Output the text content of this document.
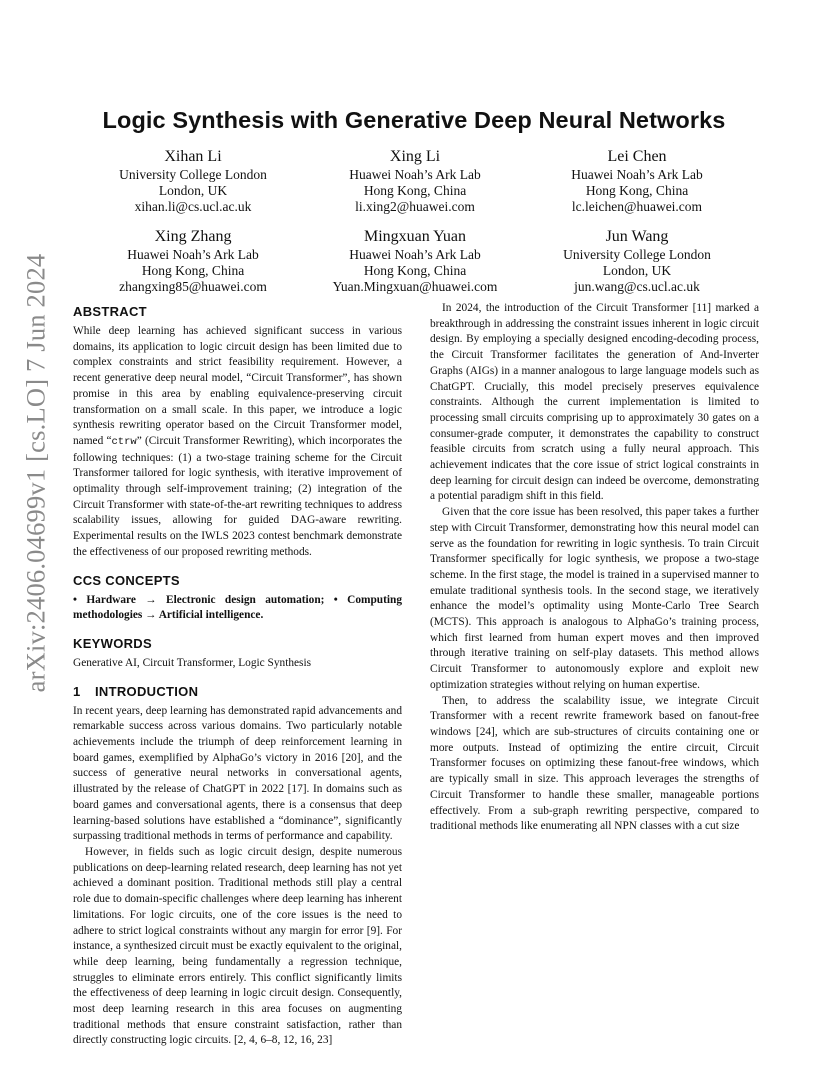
arXiv:2406.04699v1 [cs.LO] 7 Jun 2024
Logic Synthesis with Generative Deep Neural Networks
Xihan Li
University College London
London, UK
xihan.li@cs.ucl.ac.uk
Xing Li
Huawei Noah’s Ark Lab
Hong Kong, China
li.xing2@huawei.com
Lei Chen
Huawei Noah’s Ark Lab
Hong Kong, China
lc.leichen@huawei.com
Xing Zhang
Huawei Noah’s Ark Lab
Hong Kong, China
zhangxing85@huawei.com
Mingxuan Yuan
Huawei Noah’s Ark Lab
Hong Kong, China
Yuan.Mingxuan@huawei.com
Jun Wang
University College London
London, UK
jun.wang@cs.ucl.ac.uk
ABSTRACT

While deep learning has achieved significant success in various domains, its application to logic circuit design has been limited due to complex constraints and strict feasibility requirement. However, a recent generative deep neural model, “Circuit Transformer”, has shown promise in this area by enabling equivalence-preserving circuit transformation on a small scale. In this paper, we introduce a logic synthesis rewriting operator based on the Circuit Transformer model, named “ctrw” (Circuit Transformer Rewriting), which incorporates the following techniques: (1) a two-stage training scheme for the Circuit Transformer tailored for logic synthesis, with iterative improvement of optimality through self-improvement training; (2) integration of the Circuit Transformer with state-of-the-art rewriting techniques to address scalability issues, allowing for guided DAG-aware rewriting. Experimental results on the IWLS 2023 contest benchmark demonstrate the effectiveness of our proposed rewriting methods.

CCS CONCEPTS

• Hardware → Electronic design automation; • Computing methodologies → Artificial intelligence.

KEYWORDS

Generative AI, Circuit Transformer, Logic Synthesis

1 INTRODUCTION

In recent years, deep learning has demonstrated rapid advancements and remarkable success across various domains. Two particularly notable achievements include the triumph of deep reinforcement learning in board games, exemplified by AlphaGo’s victory in 2016 [20], and the success of generative neural networks in conversational agents, illustrated by the release of ChatGPT in 2022 [17]. In domains such as board games and conversational agents, there is a consensus that deep learning-based solutions have established a “dominance”, significantly surpassing traditional methods in terms of performance and capability.

However, in fields such as logic circuit design, despite numerous publications on deep-learning related research, deep learning has not yet achieved a dominant position. Traditional methods still play a central role due to domain-specific challenges where deep learning has inherent limitations. For logic circuits, one of the core issues is the need to adhere to strict logical constraints without any margin for error [9]. For instance, a synthesized circuit must be exactly equivalent to the original, while deep learning, being fundamentally a regression technique, struggles to eliminate errors entirely. This conflict significantly limits the effectiveness of deep learning in logic circuit design. Consequently, most deep learning research in this area focuses on augmenting traditional methods that ensure constraint satisfaction, rather than directly constructing logic circuits. [2, 4, 6–8, 12, 16, 23]

In 2024, the introduction of the Circuit Transformer [11] marked a breakthrough in addressing the constraint issues inherent in logic circuit design. By employing a specially designed encoding-decoding process, the Circuit Transformer facilitates the generation of And-Inverter Graphs (AIGs) in a manner analogous to large language models such as ChatGPT. Crucially, this model precisely preserves equivalence constraints. Although the current implementation is limited to processing small circuits comprising up to approximately 30 gates on a consumer-grade computer, it demonstrates the capability to construct feasible circuits from scratch using a fully neural approach. This achievement indicates that the core issue of strict logical constraints in deep learning for circuit design can indeed be overcome, demonstrating a potential paradigm shift in this field.

Given that the core issue has been resolved, this paper takes a further step with Circuit Transformer, demonstrating how this neural model can serve as the foundation for rewriting in logic synthesis. To train Circuit Transformer specifically for logic synthesis, we propose a two-stage scheme. In the first stage, the model is trained in a supervised manner to emulate traditional synthesis tools. In the second stage, we iteratively enhance the model’s optimality using Monte-Carlo Tree Search (MCTS). This approach is analogous to AlphaGo’s training process, which first learned from human expert moves and then improved through iterative training on self-play datasets. This method allows Circuit Transformer to autonomously explore and exploit new optimization strategies without relying on human expertise.

Then, to address the scalability issue, we integrate Circuit Transformer with a recent rewrite framework based on fanout-free windows [24], which are sub-structures of circuits containing one or more outputs. Instead of optimizing the entire circuit, Circuit Transformer focuses on optimizing these fanout-free windows, which are typically small in size. This approach leverages the strengths of Circuit Transformer to handle these smaller, manageable portions effectively. From a sub-graph rewriting perspective, compared to traditional methods like enumerating all NPN classes with a cut size
